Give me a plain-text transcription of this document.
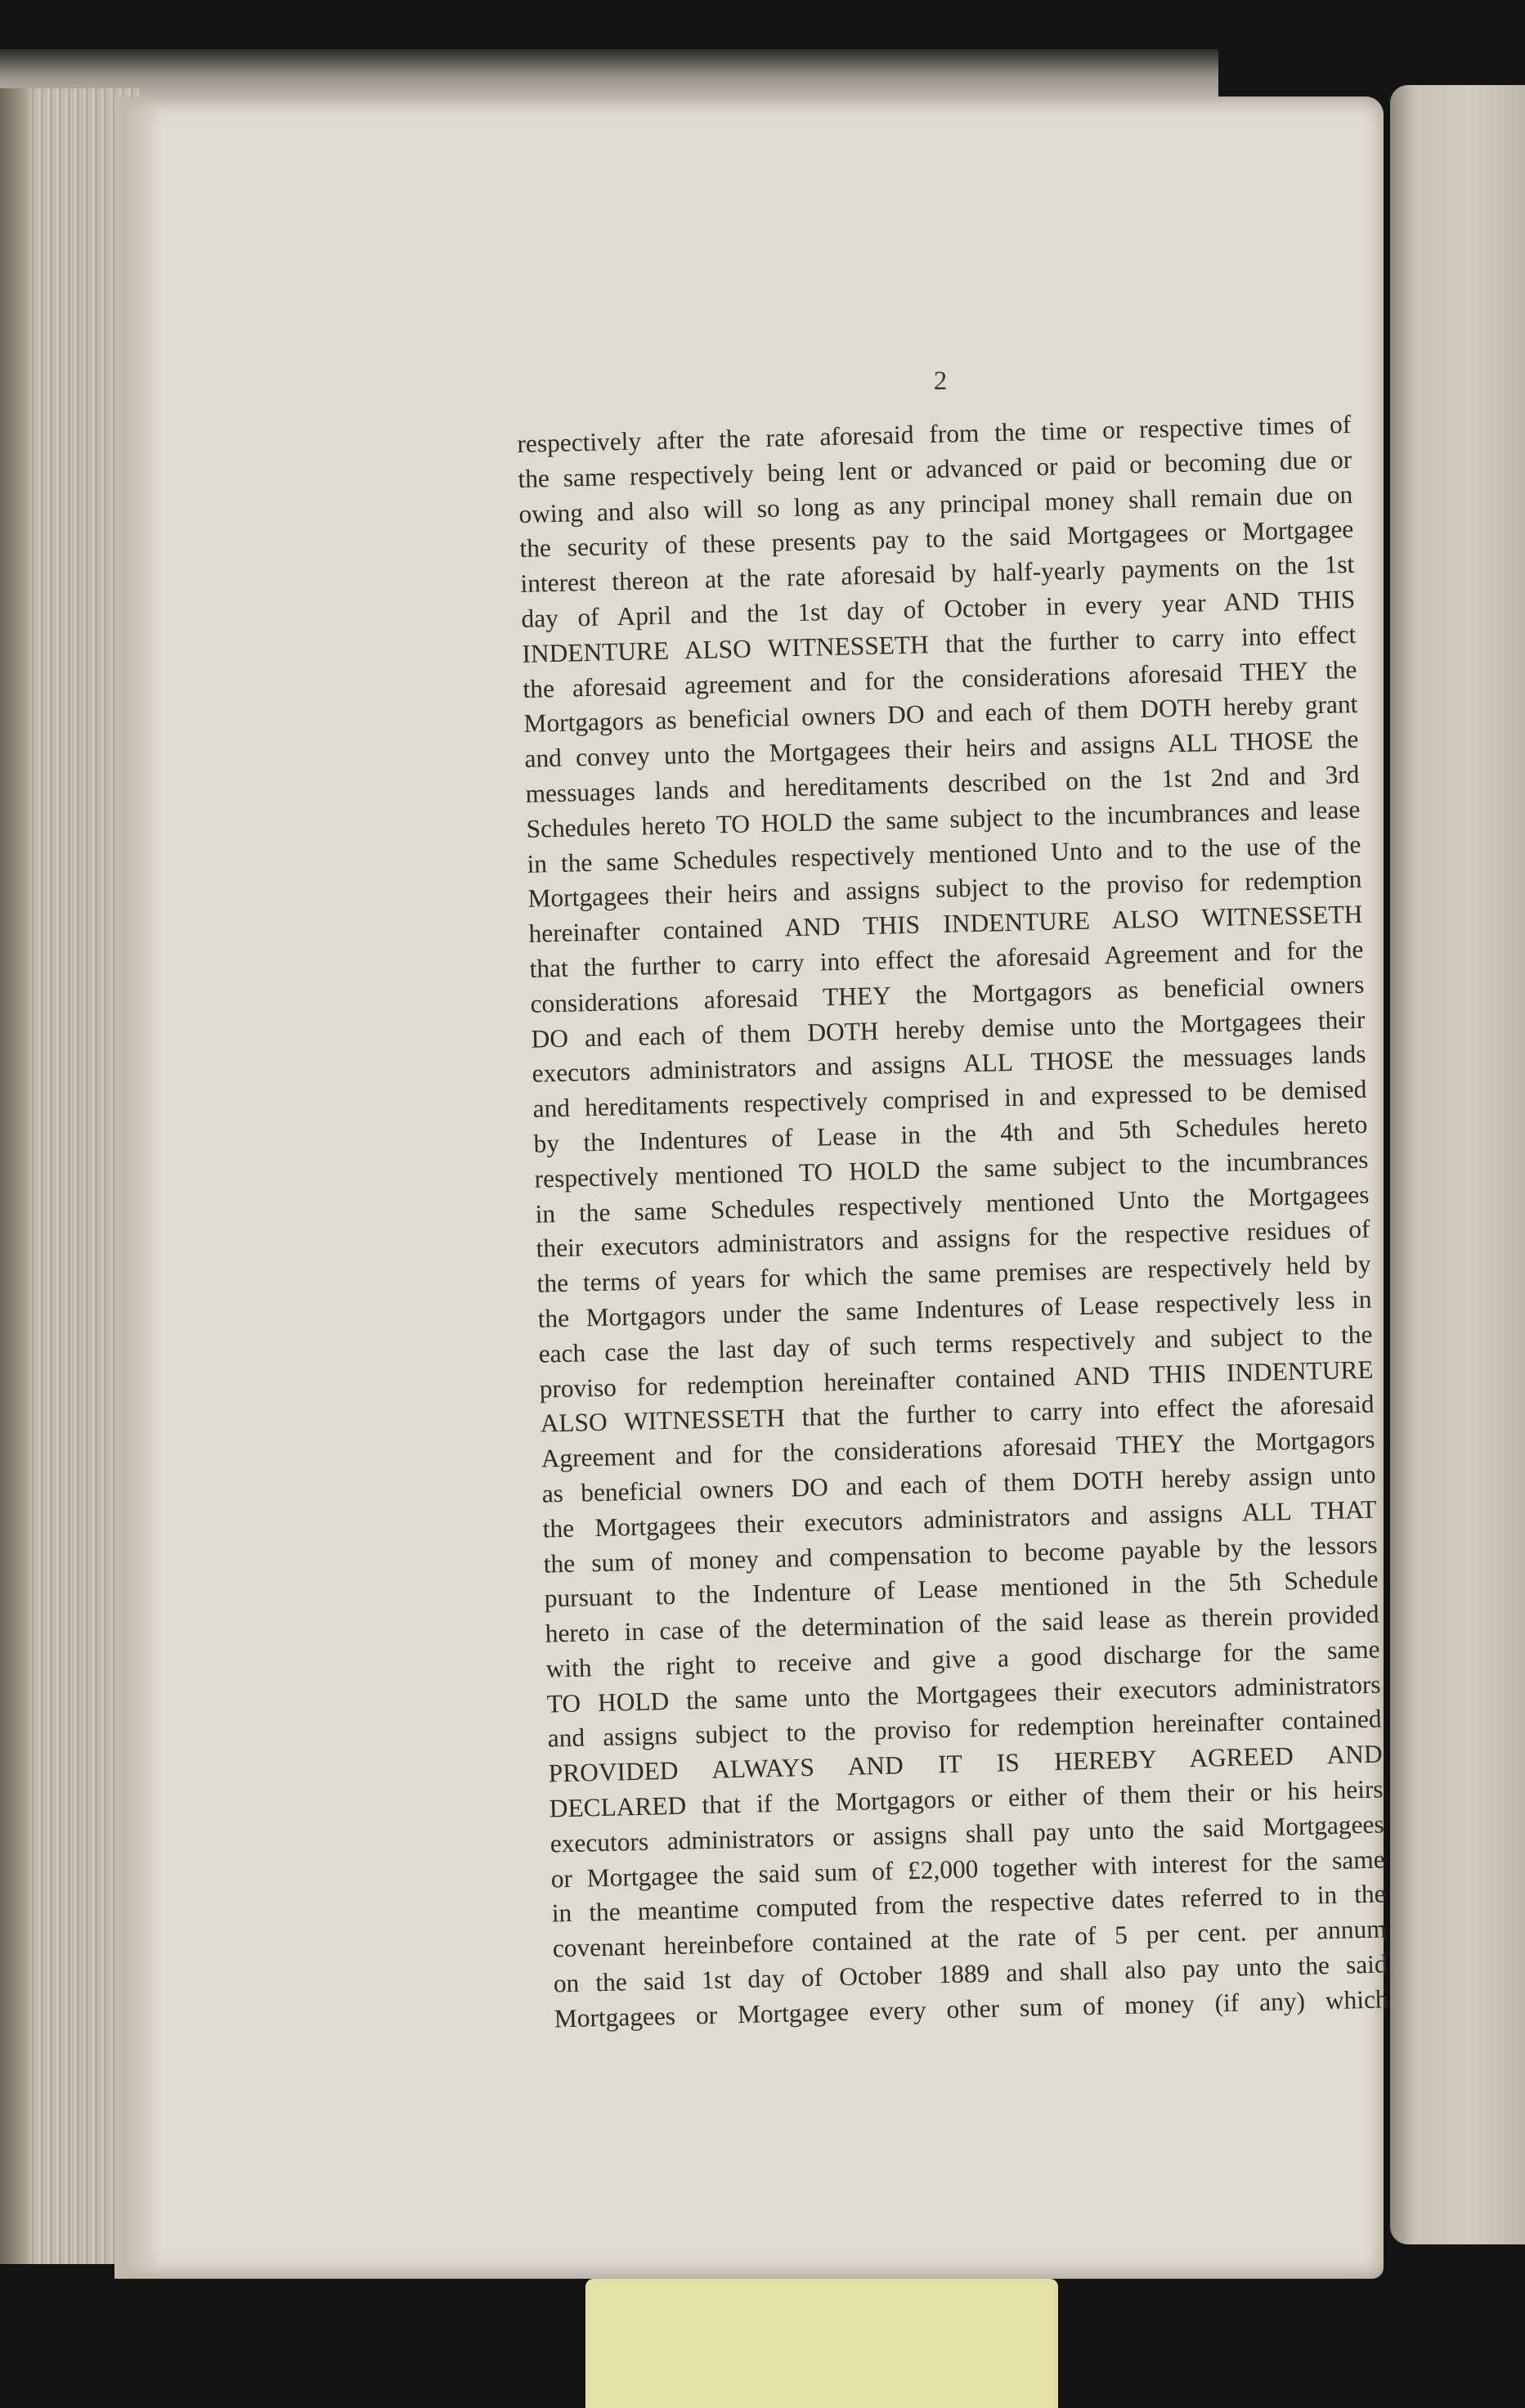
2
respectively after the rate aforesaid from the time or respective times of
the same respectively being lent or advanced or paid or becoming due or
owing and also will so long as any principal money shall remain due on
the security of these presents pay to the said Mortgagees or Mortgagee
interest thereon at the rate aforesaid by half-yearly payments on the 1st
day of April and the 1st day of October in every year AND THIS
INDENTURE ALSO WITNESSETH that the further to carry into effect
the aforesaid agreement and for the considerations aforesaid THEY the
Mortgagors as beneficial owners DO and each of them DOTH hereby grant
and convey unto the Mortgagees their heirs and assigns ALL THOSE the
messuages lands and hereditaments described on the 1st 2nd and 3rd
Schedules hereto TO HOLD the same subject to the incumbrances and lease
in the same Schedules respectively mentioned Unto and to the use of the
Mortgagees their heirs and assigns subject to the proviso for redemption
hereinafter contained AND THIS INDENTURE ALSO WITNESSETH
that the further to carry into effect the aforesaid Agreement and for the
considerations aforesaid THEY the Mortgagors as beneficial owners
DO and each of them DOTH hereby demise unto the Mortgagees their
executors administrators and assigns ALL THOSE the messuages lands
and hereditaments respectively comprised in and expressed to be demised
by the Indentures of Lease in the 4th and 5th Schedules hereto
respectively mentioned TO HOLD the same subject to the incumbrances
in the same Schedules respectively mentioned Unto the Mortgagees
their executors administrators and assigns for the respective residues of
the terms of years for which the same premises are respectively held by
the Mortgagors under the same Indentures of Lease respectively less in
each case the last day of such terms respectively and subject to the
proviso for redemption hereinafter contained AND THIS INDENTURE
ALSO WITNESSETH that the further to carry into effect the aforesaid
Agreement and for the considerations aforesaid THEY the Mortgagors
as beneficial owners DO and each of them DOTH hereby assign unto
the Mortgagees their executors administrators and assigns ALL THAT
the sum of money and compensation to become payable by the lessors
pursuant to the Indenture of Lease mentioned in the 5th Schedule
hereto in case of the determination of the said lease as therein provided
with the right to receive and give a good discharge for the same
TO HOLD the same unto the Mortgagees their executors administrators
and assigns subject to the proviso for redemption hereinafter contained
PROVIDED ALWAYS AND IT IS HEREBY AGREED AND
DECLARED that if the Mortgagors or either of them their or his heirs
executors administrators or assigns shall pay unto the said Mortgagees
or Mortgagee the said sum of £2,000 together with interest for the same
in the meantime computed from the respective dates referred to in the
covenant hereinbefore contained at the rate of 5 per cent. per annum
on the said 1st day of October 1889 and shall also pay unto the said
Mortgagees or Mortgagee every other sum of money (if any) which
